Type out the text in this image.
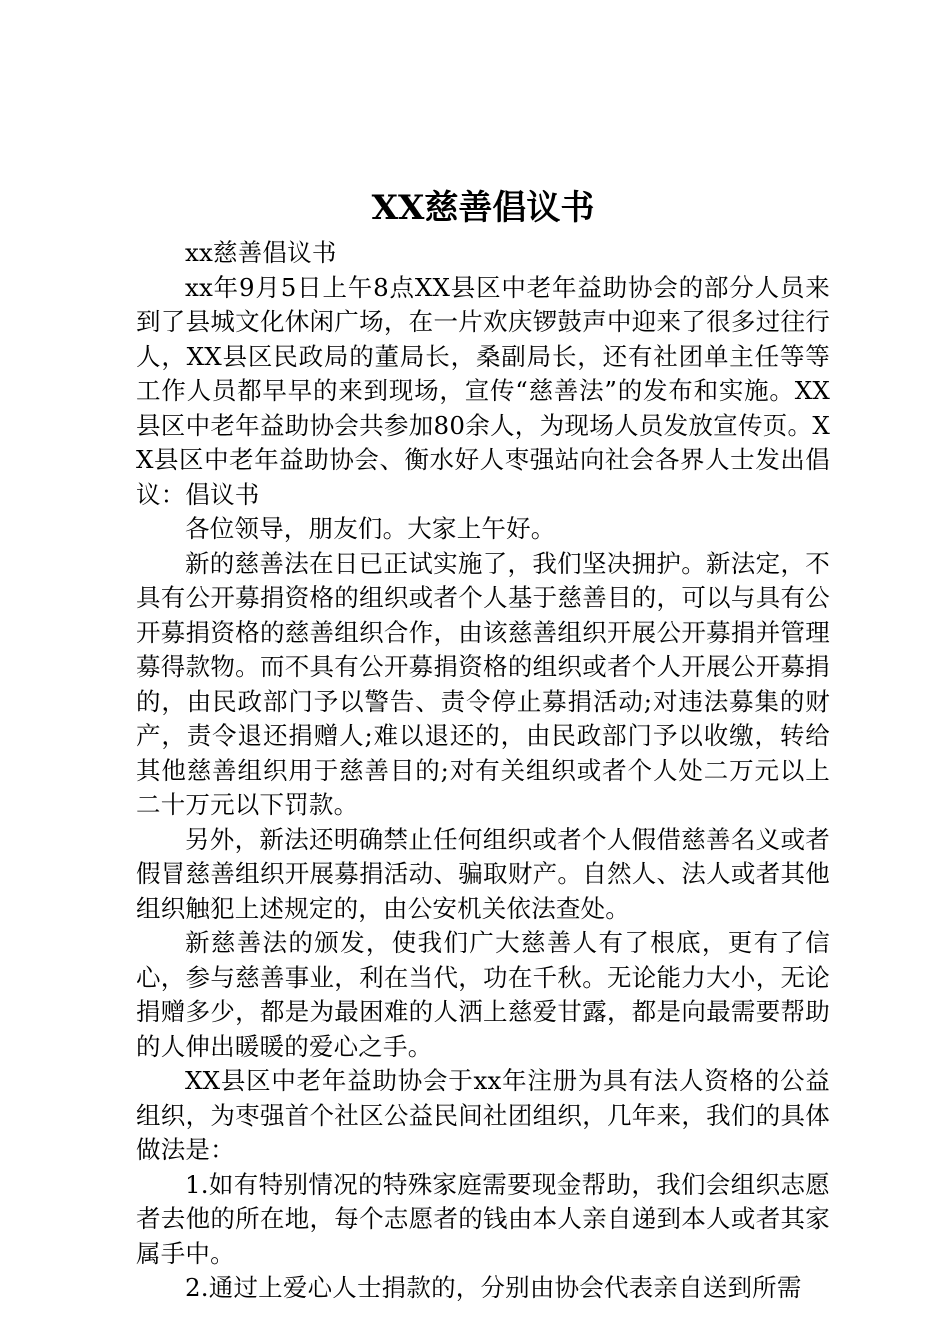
XX慈善倡议书

xx慈善倡议书

xx年9月5日上午8点XX县区中老年益助协会的部分人员来到了县城文化休闲广场，在一片欢庆锣鼓声中迎来了很多过往行人，XX县区民政局的董局长，桑副局长，还有社团单主任等等工作人员都早早的来到现场，宣传“慈善法”的发布和实施。XX县区中老年益助协会共参加80余人，为现场人员发放宣传页。XX县区中老年益助协会、衡水好人枣强站向社会各界人士发出倡议：倡议书

各位领导，朋友们。大家上午好。

新的慈善法在日已正试实施了，我们坚决拥护。新法定，不具有公开募捐资格的组织或者个人基于慈善目的，可以与具有公开募捐资格的慈善组织合作，由该慈善组织开展公开募捐并管理募得款物。而不具有公开募捐资格的组织或者个人开展公开募捐的，由民政部门予以警告、责令停止募捐活动;对违法募集的财产，责令退还捐赠人;难以退还的，由民政部门予以收缴，转给其他慈善组织用于慈善目的;对有关组织或者个人处二万元以上二十万元以下罚款。

另外，新法还明确禁止任何组织或者个人假借慈善名义或者假冒慈善组织开展募捐活动、骗取财产。自然人、法人或者其他组织触犯上述规定的，由公安机关依法查处。

新慈善法的颁发，使我们广大慈善人有了根底，更有了信心，参与慈善事业，利在当代，功在千秋。无论能力大小，无论捐赠多少，都是为最困难的人洒上慈爱甘露，都是向最需要帮助的人伸出暖暖的爱心之手。

XX县区中老年益助协会于xx年注册为具有法人资格的公益组织，为枣强首个社区公益民间社团组织，几年来，我们的具体做法是：

1.如有特别情况的特殊家庭需要现金帮助，我们会组织志愿者去他的所在地，每个志愿者的钱由本人亲自递到本人或者其家属手中。

2.通过上爱心人士捐款的，分别由协会代表亲自送到所需
